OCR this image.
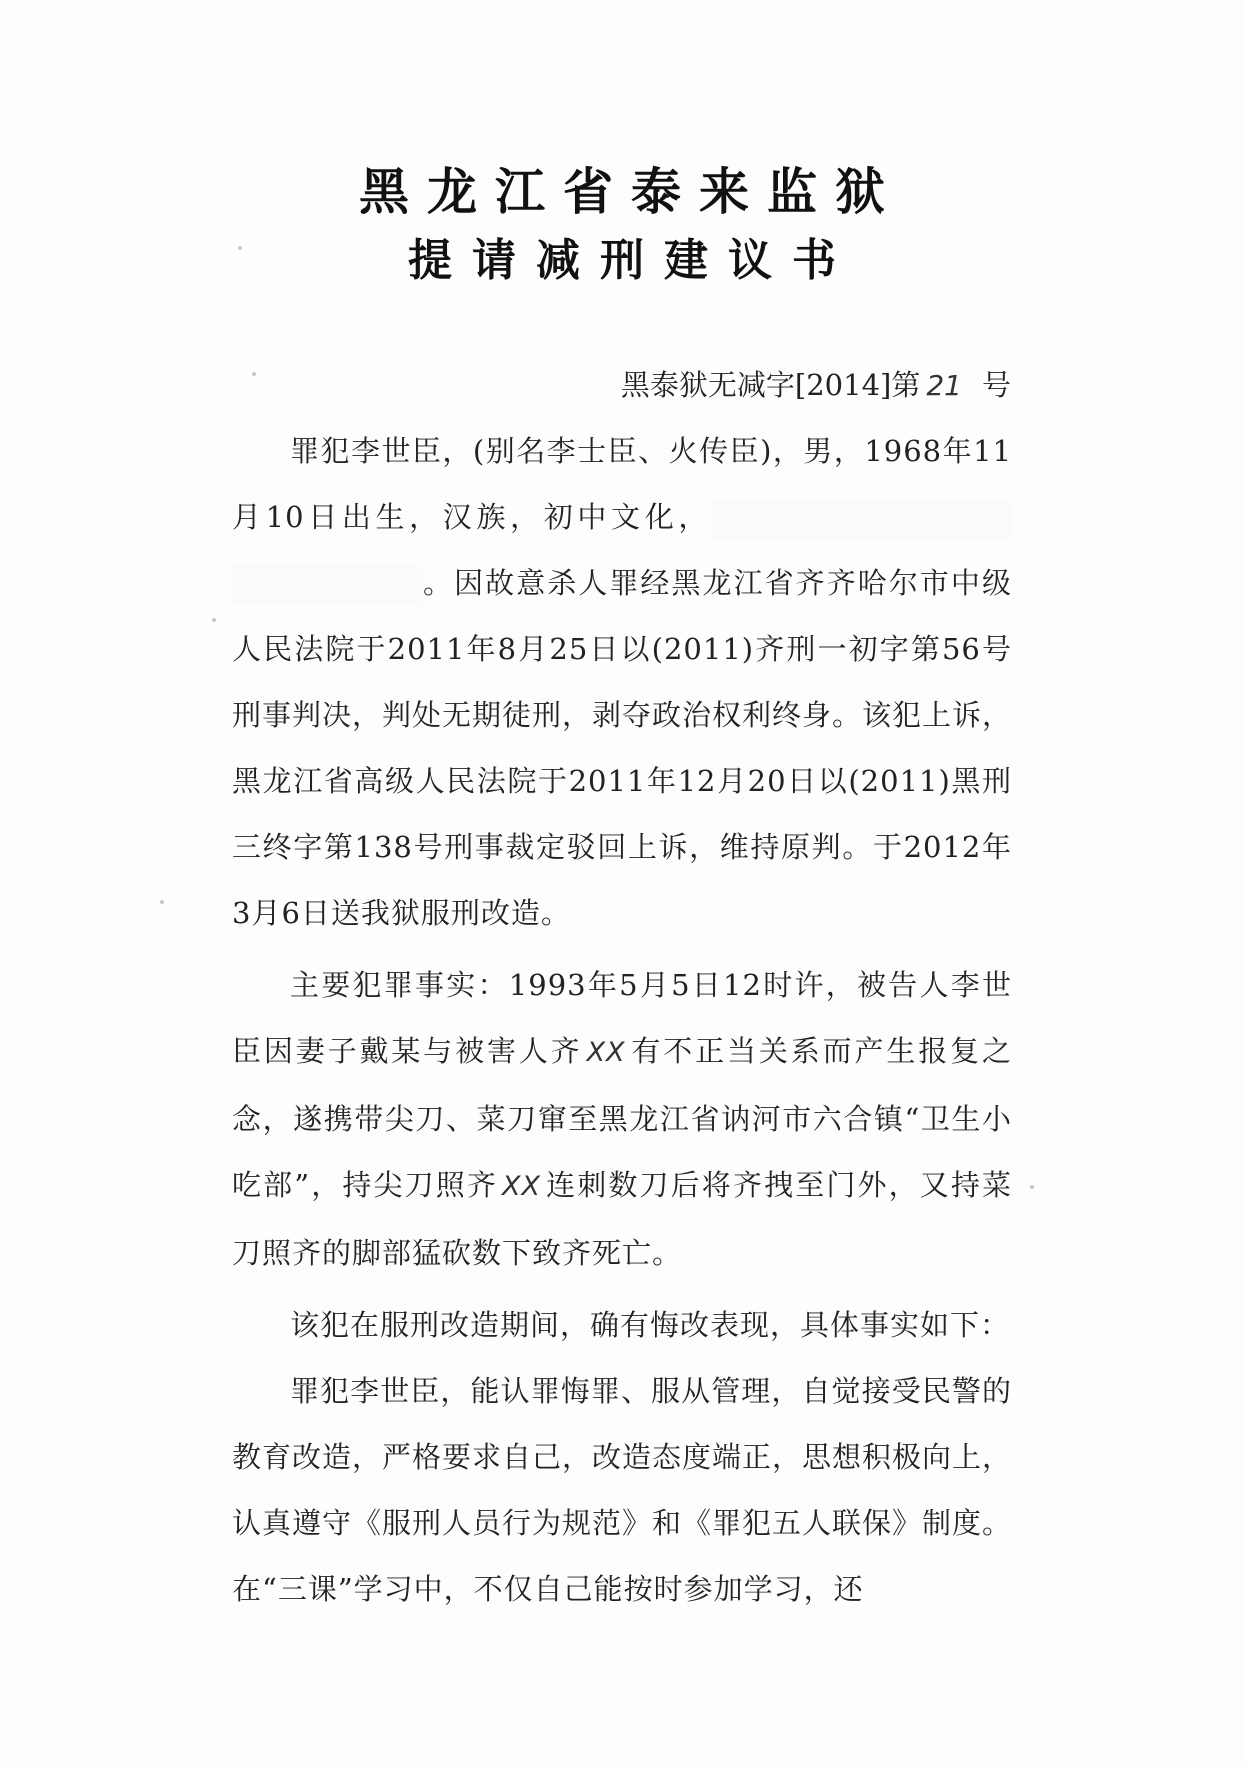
黑龙江省泰来监狱
提请减刑建议书
黑泰狱无减字[2014]第 21 号

罪犯李世臣，(别名李士臣、火传臣)，男，1968年11月10日出生，汉族，初中文化，。因故意杀人罪经黑龙江省齐齐哈尔市中级人民法院于2011年8月25日以(2011)齐刑一初字第56号刑事判决，判处无期徒刑，剥夺政治权利终身。该犯上诉，黑龙江省高级人民法院于2011年12月20日以(2011)黑刑三终字第138号刑事裁定驳回上诉，维持原判。于2012年3月6日送我狱服刑改造。

主要犯罪事实：1993年5月5日12时许，被告人李世臣因妻子戴某与被害人齐 XX 有不正当关系而产生报复之念，遂携带尖刀、菜刀窜至黑龙江省讷河市六合镇“卫生小吃部”，持尖刀照齐 XX 连刺数刀后将齐拽至门外，又持菜刀照齐的脚部猛砍数下致齐死亡。

该犯在服刑改造期间，确有悔改表现，具体事实如下：

罪犯李世臣，能认罪悔罪、服从管理，自觉接受民警的教育改造，严格要求自己，改造态度端正，思想积极向上，认真遵守《服刑人员行为规范》和《罪犯五人联保》制度。在“三课”学习中，不仅自己能按时参加学习，还
